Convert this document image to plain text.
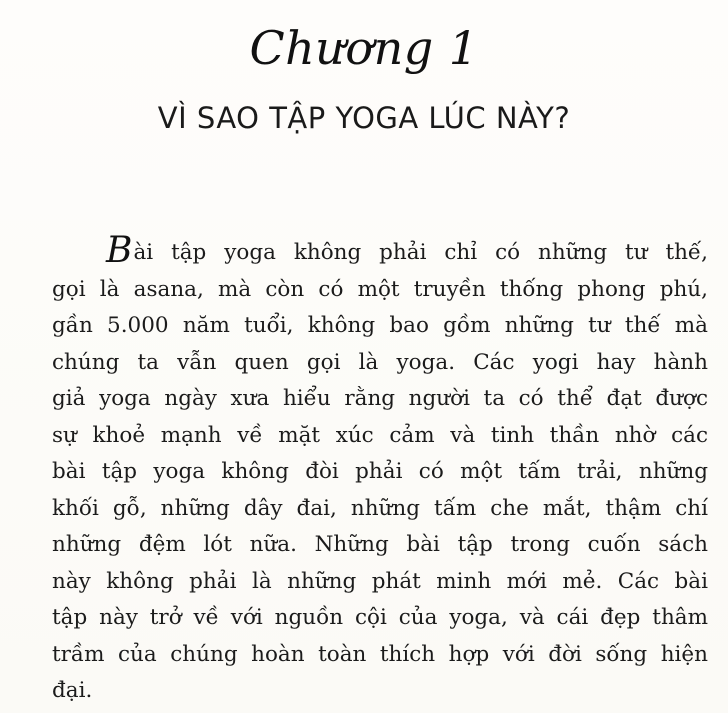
Chương 1
VÌ SAO TẬP YOGA LÚC NÀY?
Bài tập yoga không phải chỉ có những tư thế,
gọi là asana, mà còn có một truyền thống phong phú,
gần 5.000 năm tuổi, không bao gồm những tư thế mà
chúng ta vẫn quen gọi là yoga. Các yogi hay hành
giả yoga ngày xưa hiểu rằng người ta có thể đạt được
sự khoẻ mạnh về mặt xúc cảm và tinh thần nhờ các
bài tập yoga không đòi phải có một tấm trải, những
khối gỗ, những dây đai, những tấm che mắt, thậm chí
những đệm lót nữa. Những bài tập trong cuốn sách
này không phải là những phát minh mới mẻ. Các bài
tập này trở về với nguồn cội của yoga, và cái đẹp thâm
trầm của chúng hoàn toàn thích hợp với đời sống hiện
đại.
